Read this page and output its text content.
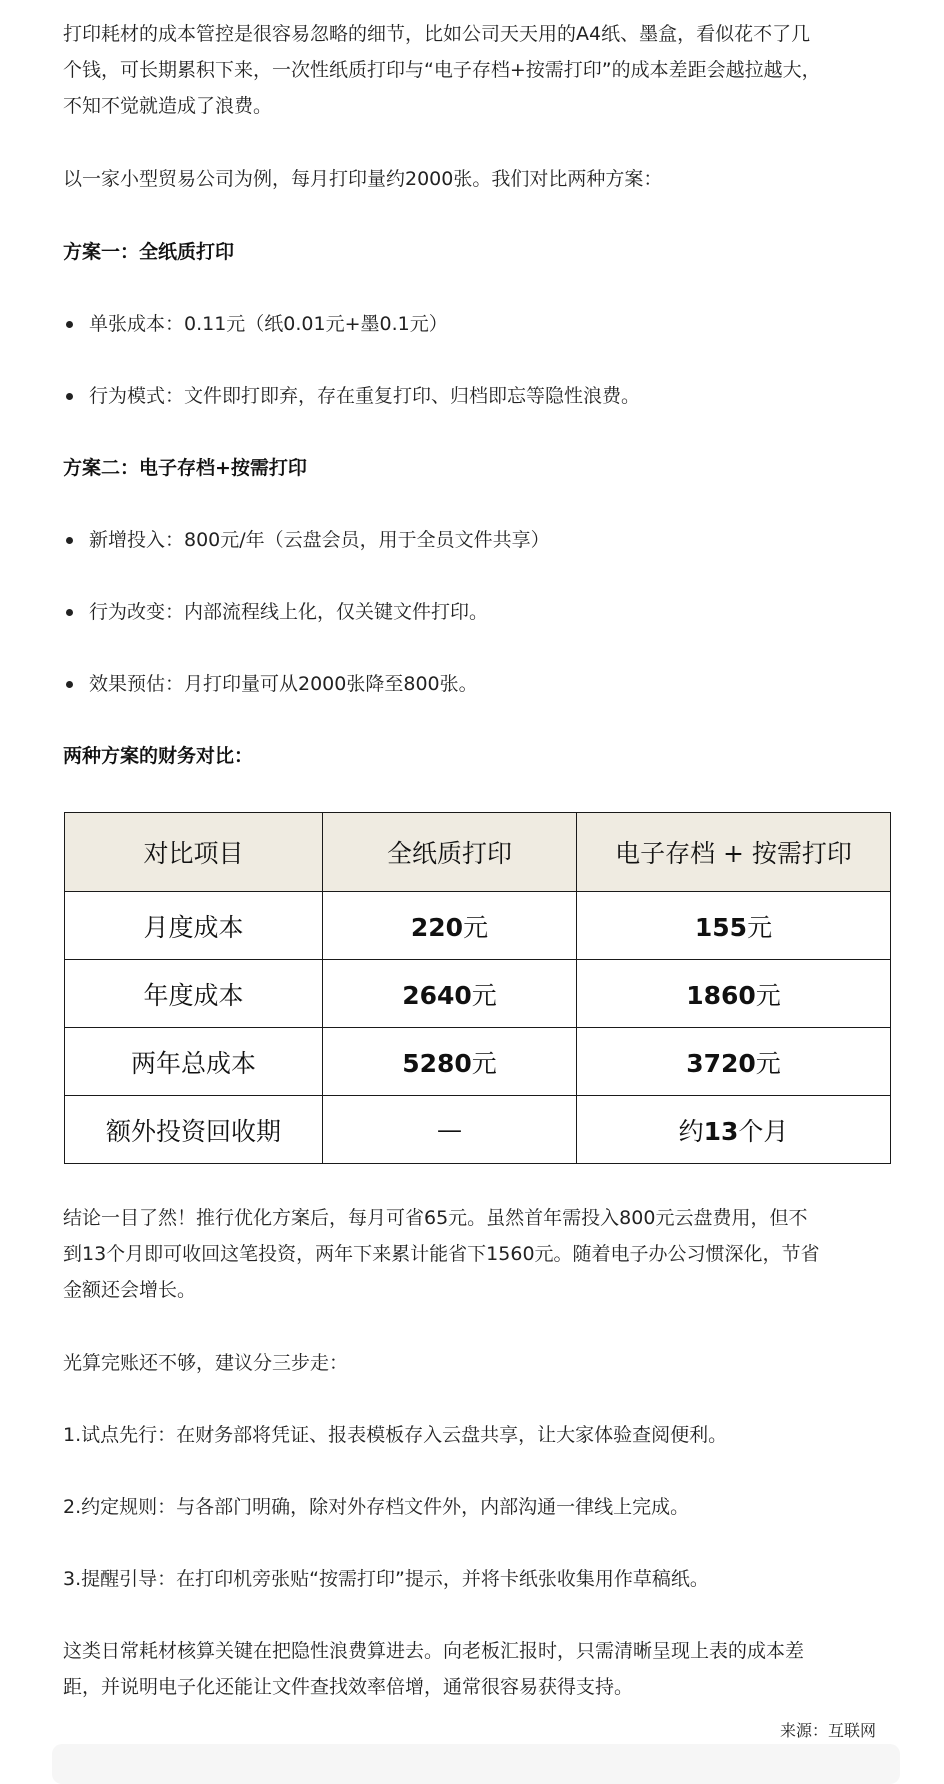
打印耗材的成本管控是很容易忽略的细节，比如公司天天用的A4纸、墨盒，看似花不了几

个钱，可长期累积下来，一次性纸质打印与“电子存档+按需打印”的成本差距会越拉越大，

不知不觉就造成了浪费。

以一家小型贸易公司为例，每月打印量约2000张。我们对比两种方案：

方案一：全纸质打印

单张成本：0.11元（纸0.01元+墨0.1元）

行为模式：文件即打即弃，存在重复打印、归档即忘等隐性浪费。

方案二：电子存档+按需打印

新增投入：800元/年（云盘会员，用于全员文件共享）

行为改变：内部流程线上化，仅关键文件打印。

效果预估：月打印量可从2000张降至800张。

两种方案的财务对比：

结论一目了然！推行优化方案后，每月可省65元。虽然首年需投入800元云盘费用，但不

到13个月即可收回这笔投资，两年下来累计能省下1560元。随着电子办公习惯深化，节省

金额还会增长。

光算完账还不够，建议分三步走：

1.试点先行：在财务部将凭证、报表模板存入云盘共享，让大家体验查阅便利。

2.约定规则：与各部门明确，除对外存档文件外，内部沟通一律线上完成。

3.提醒引导：在打印机旁张贴“按需打印”提示，并将卡纸张收集用作草稿纸。

这类日常耗材核算关键在把隐性浪费算进去。向老板汇报时，只需清晰呈现上表的成本差

距，并说明电子化还能让文件查找效率倍增，通常很容易获得支持。

对比项目	全纸质打印	电子存档 + 按需打印
月度成本	220元	155元
年度成本	2640元	1860元
两年总成本	5280元	3720元
额外投资回收期	—	约13个月
来源：互联网
